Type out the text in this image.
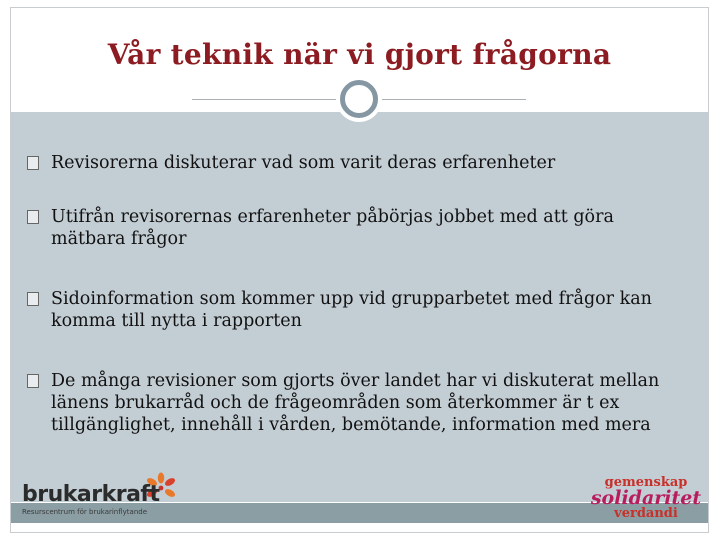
Vår teknik när vi gjort frågorna
Revisorerna diskuterar vad som varit deras erfarenheter
Utifrån revisorernas erfarenheter påbörjas jobbet med att göra mätbara frågor
Sidoinformation som kommer upp vid grupparbetet med frågor kan komma till nytta i rapporten
De många revisioner som gjorts över landet har vi diskuterat mellan länens brukarråd och de frågeområden som återkommer är t ex tillgänglighet, innehåll i vården, bemötande, information med mera
brukarkraft
Resurscentrum för brukarinflytande
gemenskap
solidaritet
verdandi
